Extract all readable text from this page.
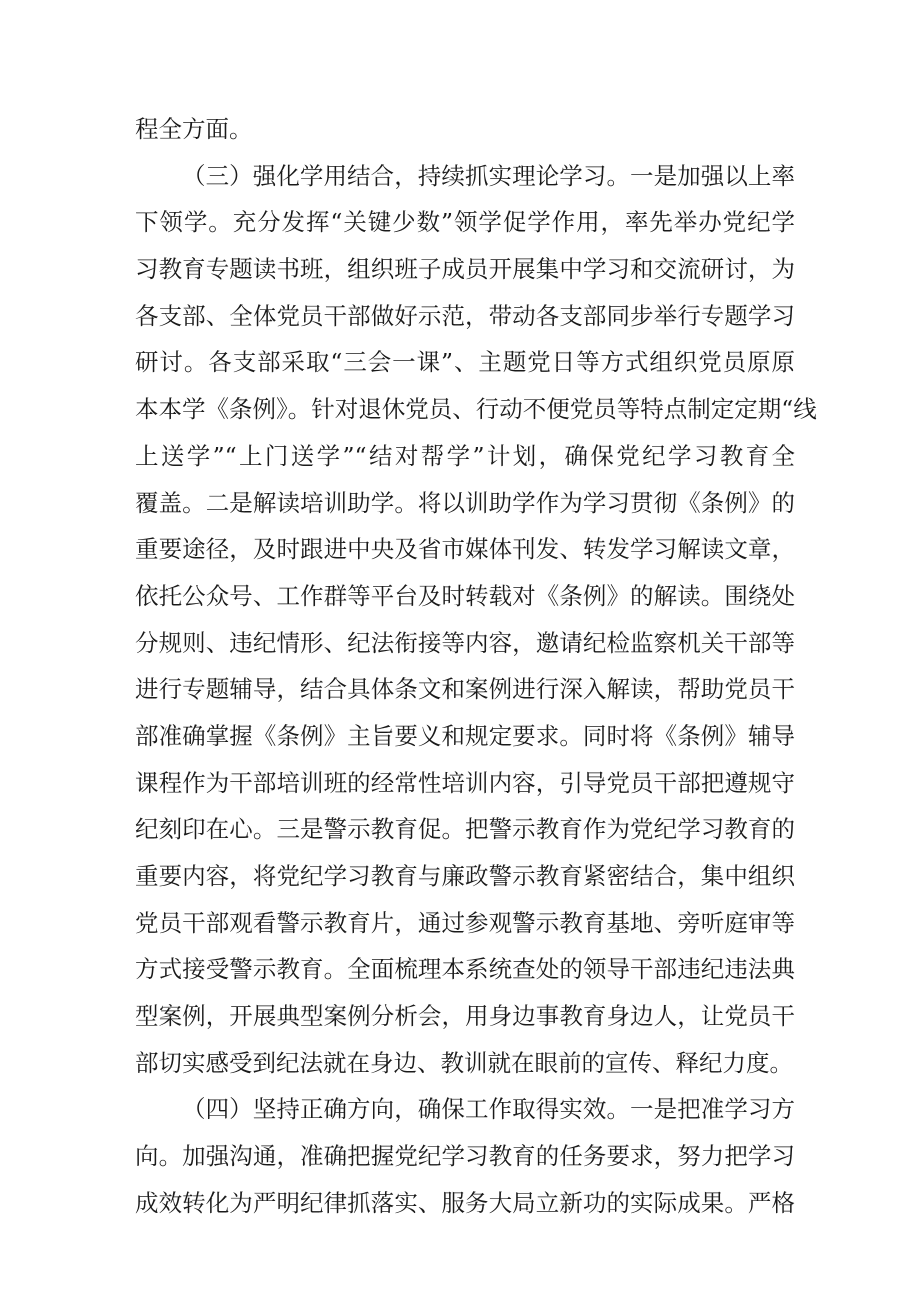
程全方面。
（三）强化学用结合，持续抓实理论学习。一是加强以上率
下领学。充分发挥“关键少数”领学促学作用，率先举办党纪学
习教育专题读书班，组织班子成员开展集中学习和交流研讨，为
各支部、全体党员干部做好示范，带动各支部同步举行专题学习
研讨。各支部采取“三会一课”、主题党日等方式组织党员原原
本本学《条例》。针对退休党员、行动不便党员等特点制定定期“线
上送学”“上门送学”“结对帮学”计划，确保党纪学习教育全
覆盖。二是解读培训助学。将以训助学作为学习贯彻《条例》的
重要途径，及时跟进中央及省市媒体刊发、转发学习解读文章，
依托公众号、工作群等平台及时转载对《条例》的解读。围绕处
分规则、违纪情形、纪法衔接等内容，邀请纪检监察机关干部等
进行专题辅导，结合具体条文和案例进行深入解读，帮助党员干
部准确掌握《条例》主旨要义和规定要求。同时将《条例》辅导
课程作为干部培训班的经常性培训内容，引导党员干部把遵规守
纪刻印在心。三是警示教育促。把警示教育作为党纪学习教育的
重要内容，将党纪学习教育与廉政警示教育紧密结合，集中组织
党员干部观看警示教育片，通过参观警示教育基地、旁听庭审等
方式接受警示教育。全面梳理本系统查处的领导干部违纪违法典
型案例，开展典型案例分析会，用身边事教育身边人，让党员干
部切实感受到纪法就在身边、教训就在眼前的宣传、释纪力度。
（四）坚持正确方向，确保工作取得实效。一是把准学习方
向。加强沟通，准确把握党纪学习教育的任务要求，努力把学习
成效转化为严明纪律抓落实、服务大局立新功的实际成果。严格
